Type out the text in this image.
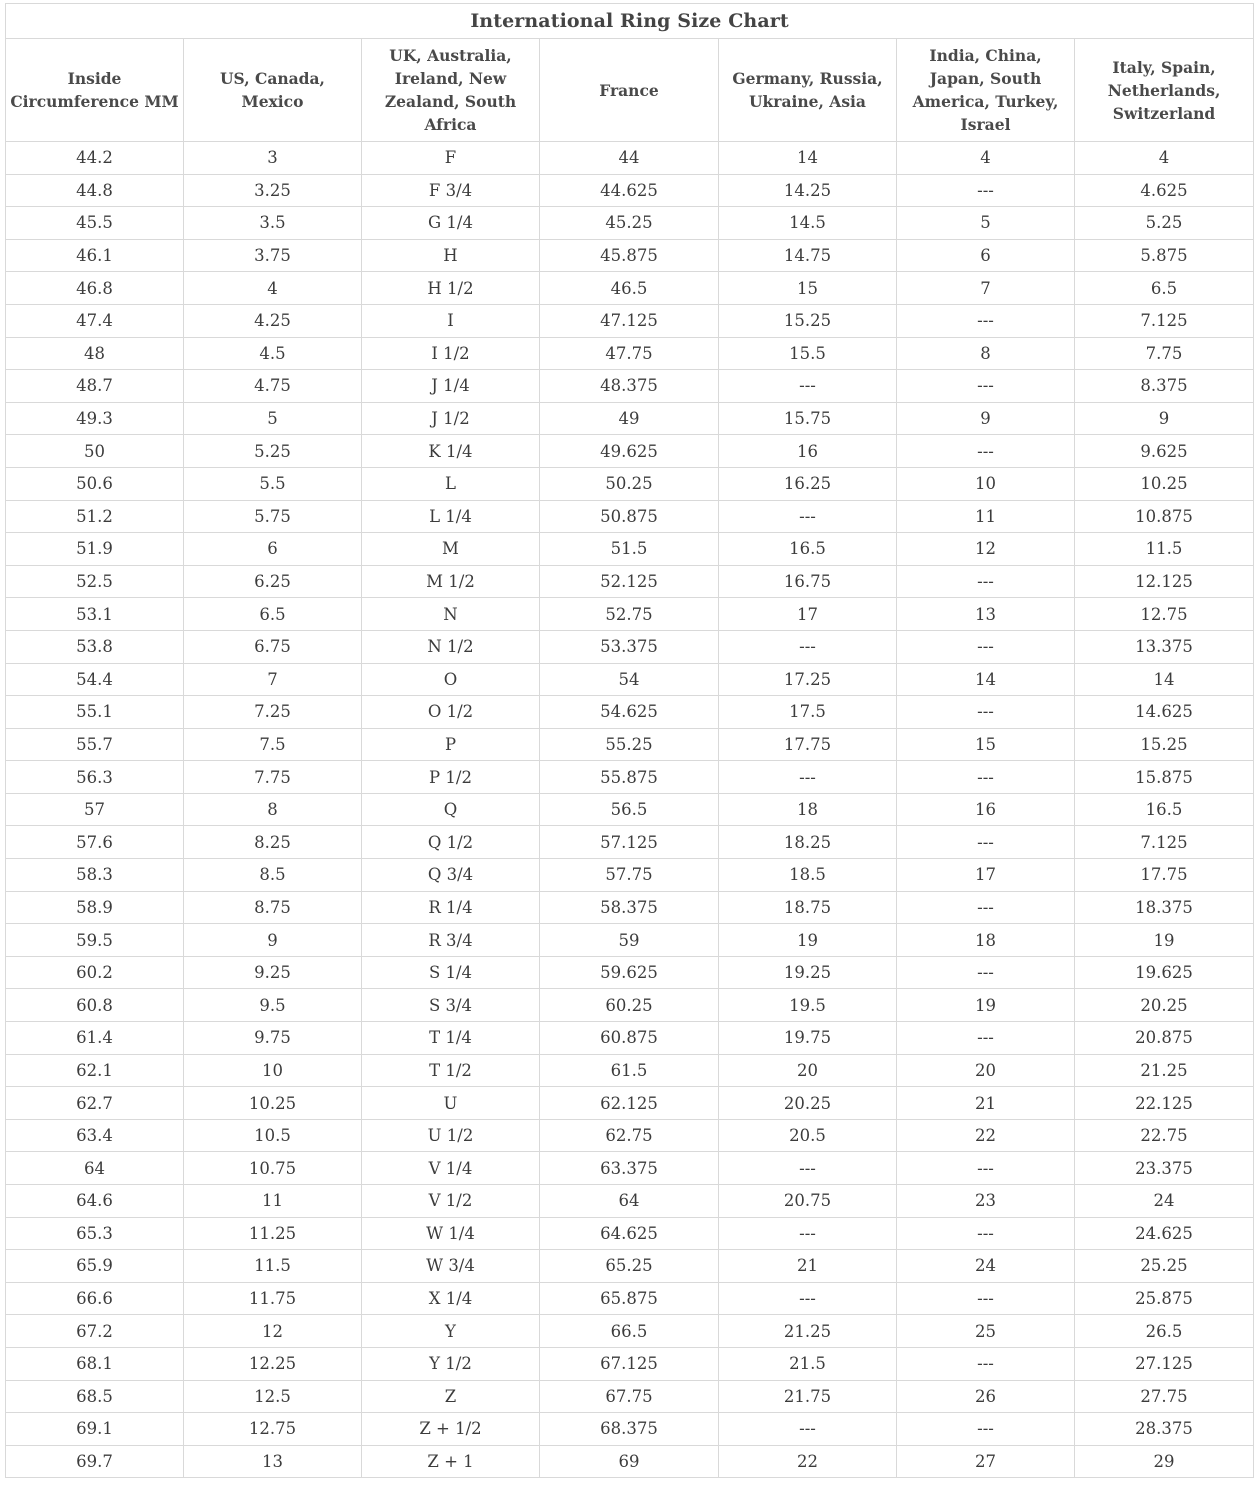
International Ring Size Chart						
Inside Circumference MM	US, Canada, Mexico	UK, Australia, Ireland, New Zealand, South Africa	France	Germany, Russia, Ukraine, Asia	India, China, Japan, South America, Turkey, Israel	Italy, Spain, Netherlands, Switzerland
44.2	3	F	44	14	4	4
44.8	3.25	F 3/4	44.625	14.25	---	4.625
45.5	3.5	G 1/4	45.25	14.5	5	5.25
46.1	3.75	H	45.875	14.75	6	5.875
46.8	4	H 1/2	46.5	15	7	6.5
47.4	4.25	I	47.125	15.25	---	7.125
48	4.5	I 1/2	47.75	15.5	8	7.75
48.7	4.75	J 1/4	48.375	---	---	8.375
49.3	5	J 1/2	49	15.75	9	9
50	5.25	K 1/4	49.625	16	---	9.625
50.6	5.5	L	50.25	16.25	10	10.25
51.2	5.75	L 1/4	50.875	---	11	10.875
51.9	6	M	51.5	16.5	12	11.5
52.5	6.25	M 1/2	52.125	16.75	---	12.125
53.1	6.5	N	52.75	17	13	12.75
53.8	6.75	N 1/2	53.375	---	---	13.375
54.4	7	O	54	17.25	14	14
55.1	7.25	O 1/2	54.625	17.5	---	14.625
55.7	7.5	P	55.25	17.75	15	15.25
56.3	7.75	P 1/2	55.875	---	---	15.875
57	8	Q	56.5	18	16	16.5
57.6	8.25	Q 1/2	57.125	18.25	---	7.125
58.3	8.5	Q 3/4	57.75	18.5	17	17.75
58.9	8.75	R 1/4	58.375	18.75	---	18.375
59.5	9	R 3/4	59	19	18	19
60.2	9.25	S 1/4	59.625	19.25	---	19.625
60.8	9.5	S 3/4	60.25	19.5	19	20.25
61.4	9.75	T 1/4	60.875	19.75	---	20.875
62.1	10	T 1/2	61.5	20	20	21.25
62.7	10.25	U	62.125	20.25	21	22.125
63.4	10.5	U 1/2	62.75	20.5	22	22.75
64	10.75	V 1/4	63.375	---	---	23.375
64.6	11	V 1/2	64	20.75	23	24
65.3	11.25	W 1/4	64.625	---	---	24.625
65.9	11.5	W 3/4	65.25	21	24	25.25
66.6	11.75	X 1/4	65.875	---	---	25.875
67.2	12	Y	66.5	21.25	25	26.5
68.1	12.25	Y 1/2	67.125	21.5	---	27.125
68.5	12.5	Z	67.75	21.75	26	27.75
69.1	12.75	Z + 1/2	68.375	---	---	28.375
69.7	13	Z + 1	69	22	27	29
